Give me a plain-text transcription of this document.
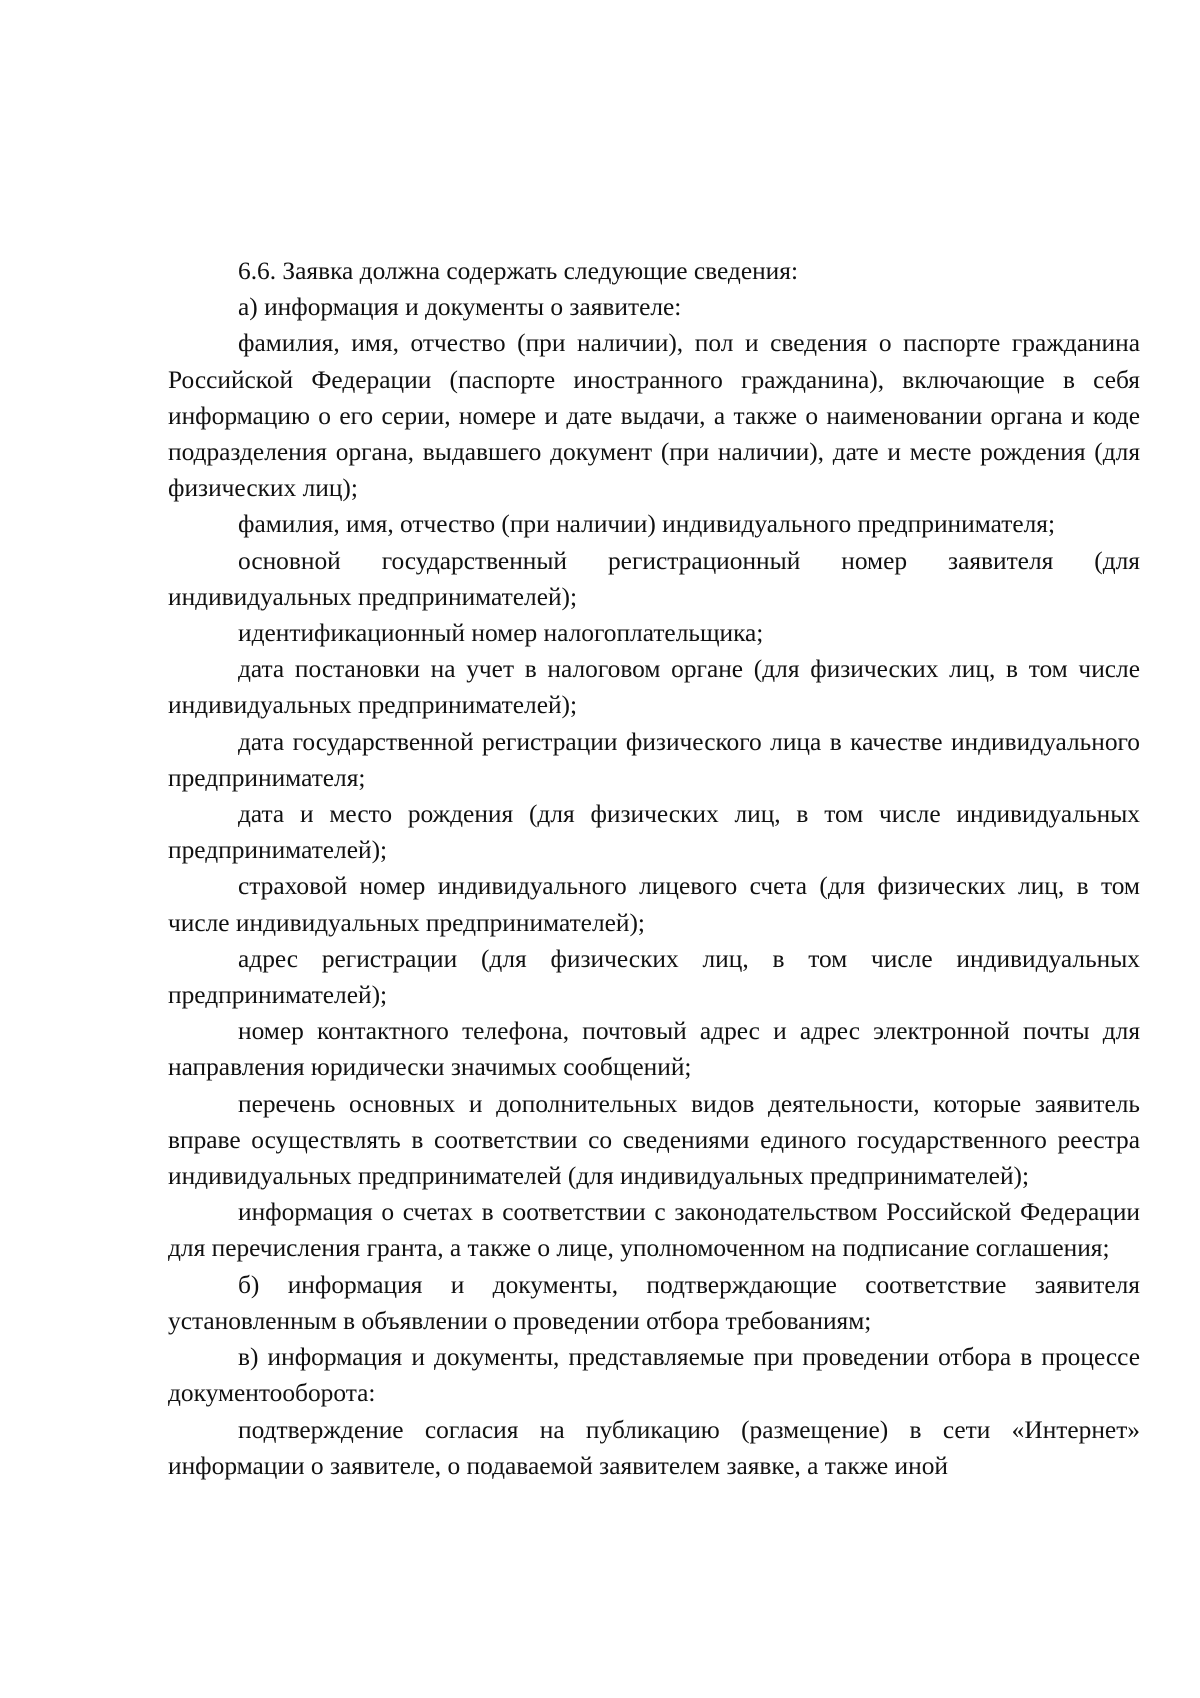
6.6. Заявка должна содержать следующие сведения:

а) информация и документы о заявителе:

фамилия, имя, отчество (при наличии), пол и сведения о паспорте гражданина Российской Федерации (паспорте иностранного гражданина), включающие в себя информацию о его серии, номере и дате выдачи, а также о наименовании органа и коде подразделения органа, выдавшего документ (при наличии), дате и месте рождения (для физических лиц);

фамилия, имя, отчество (при наличии) индивидуального предпринимателя;

основной государственный регистрационный номер заявителя (для индивидуальных предпринимателей);

идентификационный номер налогоплательщика;

дата постановки на учет в налоговом органе (для физических лиц, в том числе индивидуальных предпринимателей);

дата государственной регистрации физического лица в качестве индивидуального предпринимателя;

дата и место рождения (для физических лиц, в том числе индивидуальных предпринимателей);

страховой номер индивидуального лицевого счета (для физических лиц, в том числе индивидуальных предпринимателей);

адрес регистрации (для физических лиц, в том числе индивидуальных предпринимателей);

номер контактного телефона, почтовый адрес и адрес электронной почты для направления юридически значимых сообщений;

перечень основных и дополнительных видов деятельности, которые заявитель вправе осуществлять в соответствии со сведениями единого государственного реестра индивидуальных предпринимателей (для индивидуальных предпринимателей);

информация о счетах в соответствии с законодательством Российской Федерации для перечисления гранта, а также о лице, уполномоченном на подписание соглашения;

б) информация и документы, подтверждающие соответствие заявителя установленным в объявлении о проведении отбора требованиям;

в) информация и документы, представляемые при проведении отбора в процессе документооборота:

подтверждение согласия на публикацию (размещение) в сети «Интернет» информации о заявителе, о подаваемой заявителем заявке, а также иной
